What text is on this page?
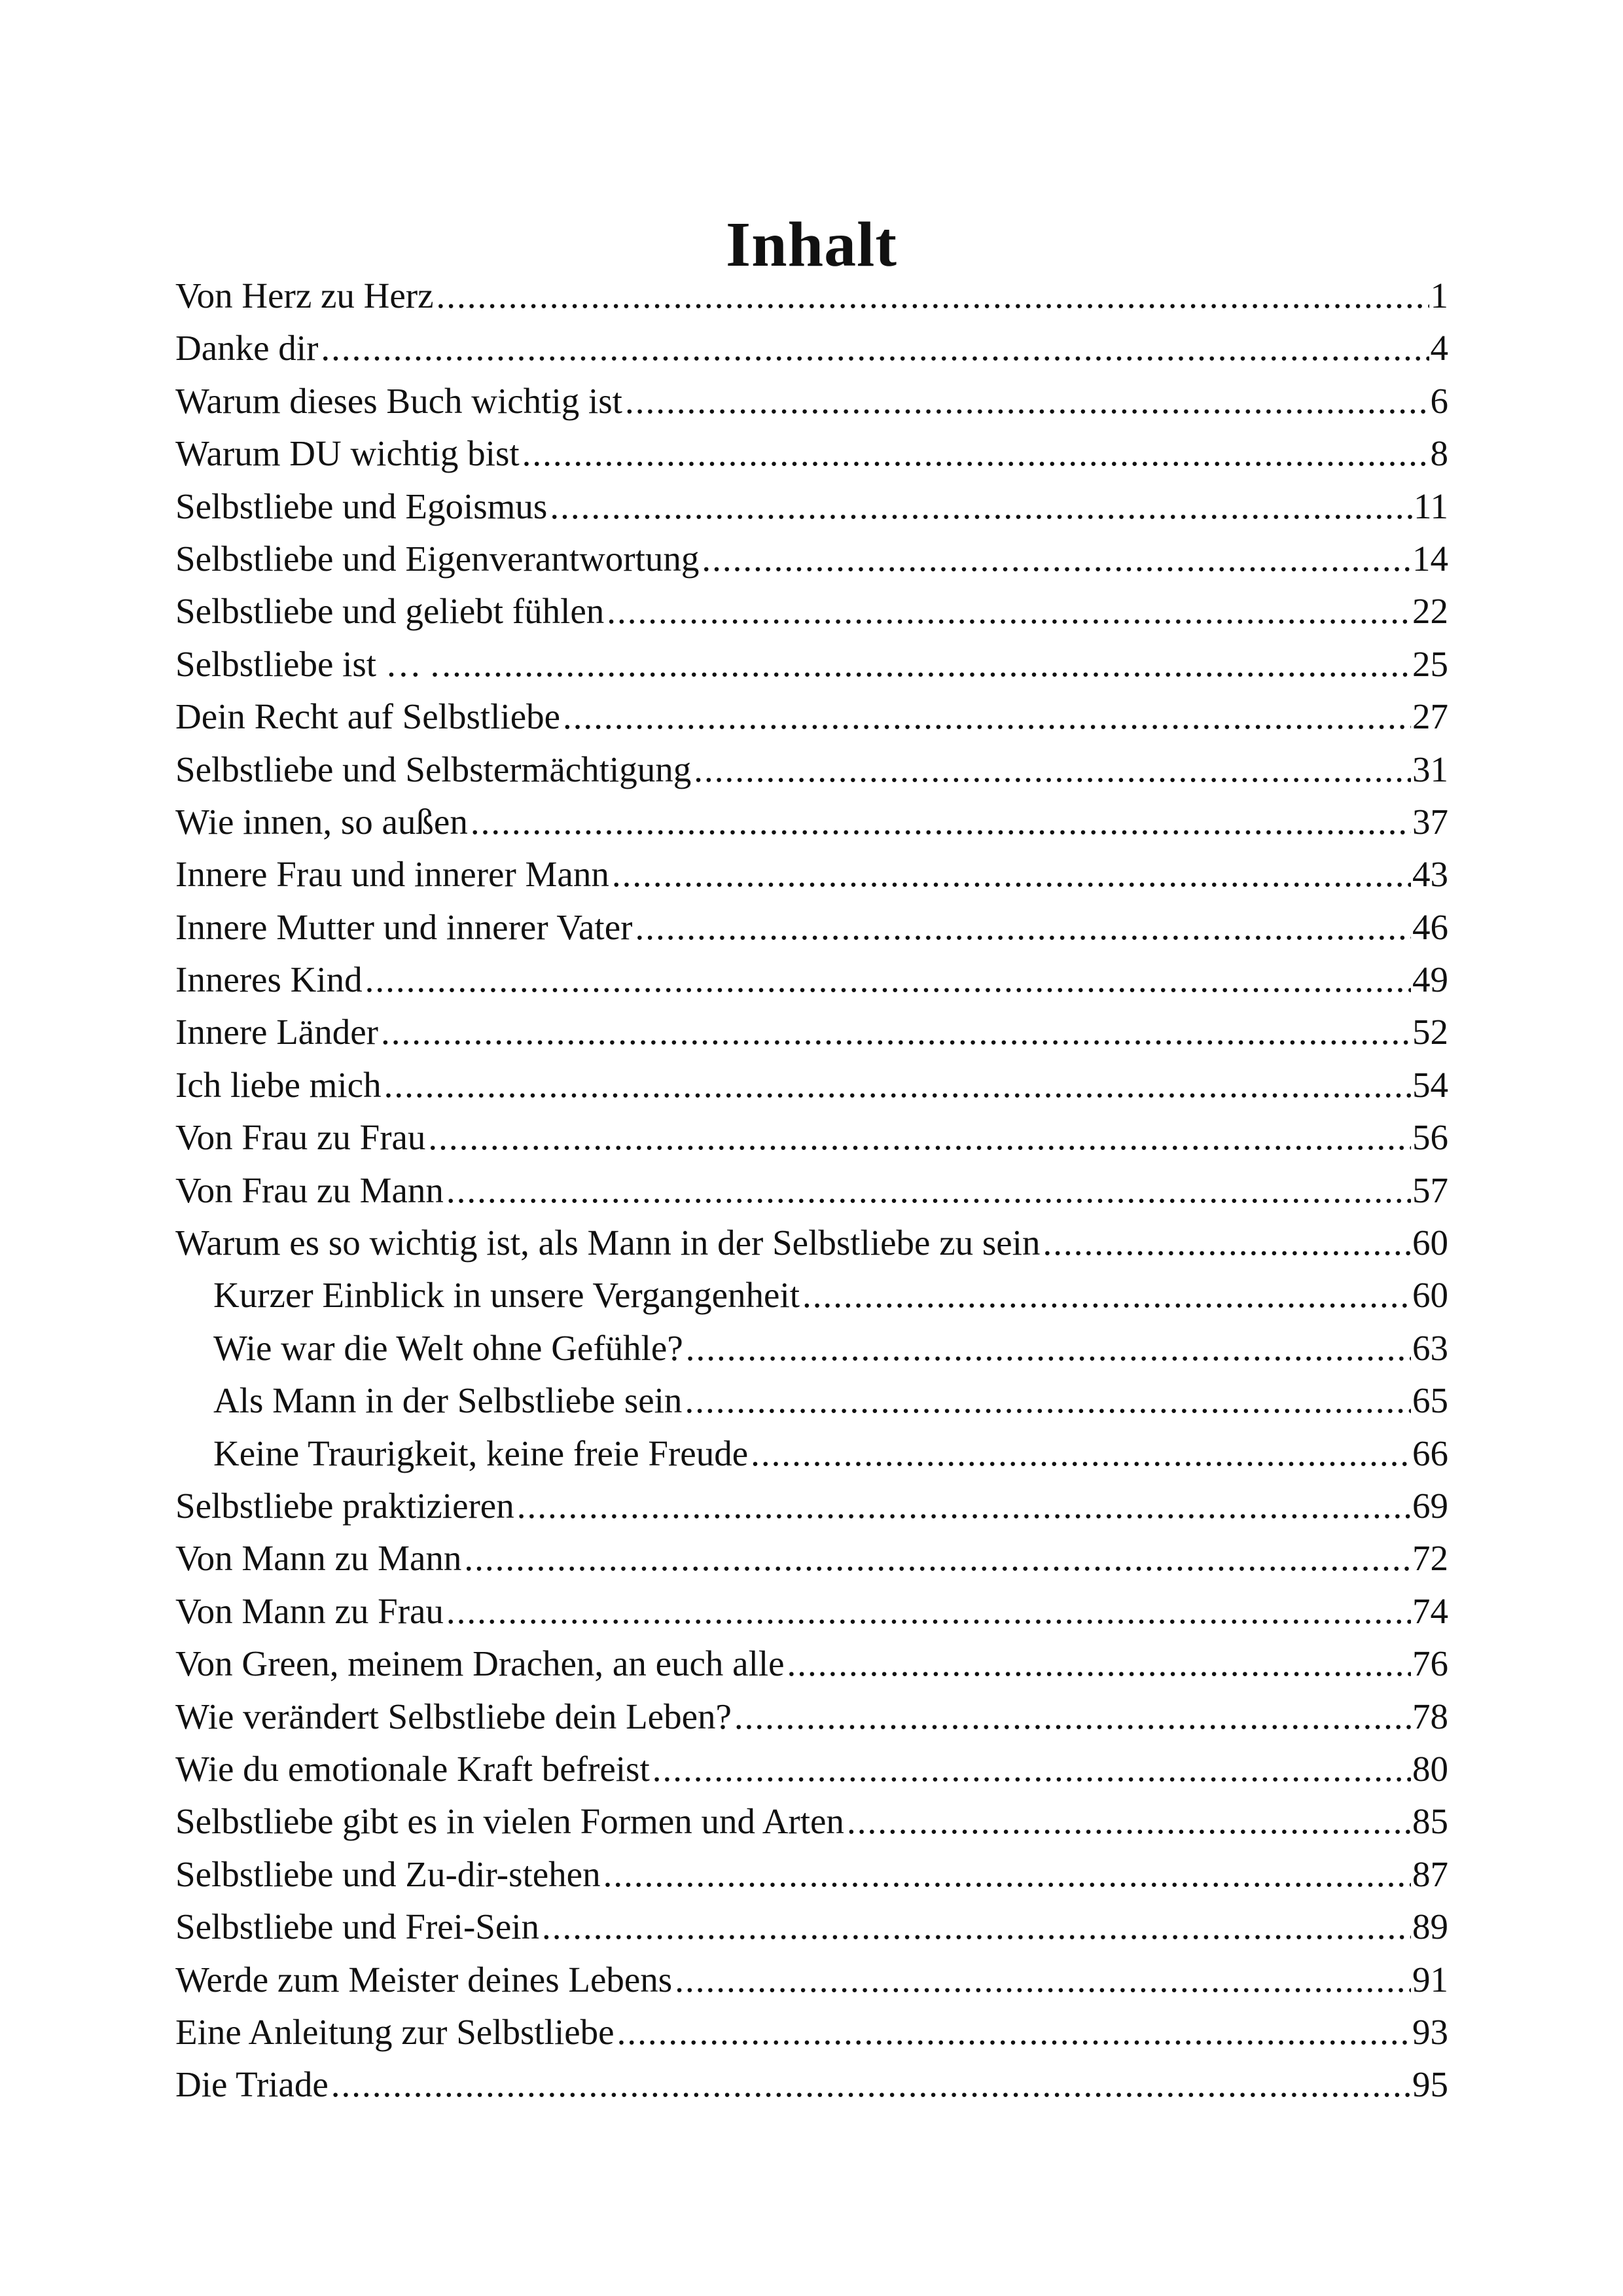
Inhalt
Von Herz zu Herz .....	1
Danke dir .....	4
Warum dieses Buch wichtig ist .....	6
Warum DU wichtig bist .....	8
Selbstliebe und Egoismus .....	11
Selbstliebe und Eigenverantwortung .....	14
Selbstliebe und geliebt fühlen .....	22
Selbstliebe ist … . .....	25
Dein Recht auf Selbstliebe .....	27
Selbstliebe und Selbstermächtigung .....	31
Wie innen, so außen .....	37
Innere Frau und innerer Mann .....	43
Innere Mutter und innerer Vater .....	46
Inneres Kind .....	49
Innere Länder .....	52
Ich liebe mich .....	54
Von Frau zu Frau .....	56
Von Frau zu Mann .....	57
Warum es so wichtig ist, als Mann in der Selbstliebe zu sein .....	60
Kurzer Einblick in unsere Vergangenheit .....	60
Wie war die Welt ohne Gefühle? .....	63
Als Mann in der Selbstliebe sein .....	65
Keine Traurigkeit, keine freie Freude .....	66
Selbstliebe praktizieren .....	69
Von Mann zu Mann .....	72
Von Mann zu Frau .....	74
Von Green, meinem Drachen, an euch alle .....	76
Wie verändert Selbstliebe dein Leben? .....	78
Wie du emotionale Kraft befreist .....	80
Selbstliebe gibt es in vielen Formen und Arten .....	85
Selbstliebe und Zu-dir-stehen .....	87
Selbstliebe und Frei-Sein .....	89
Werde zum Meister deines Lebens .....	91
Eine Anleitung zur Selbstliebe .....	93
Die Triade .....	95
